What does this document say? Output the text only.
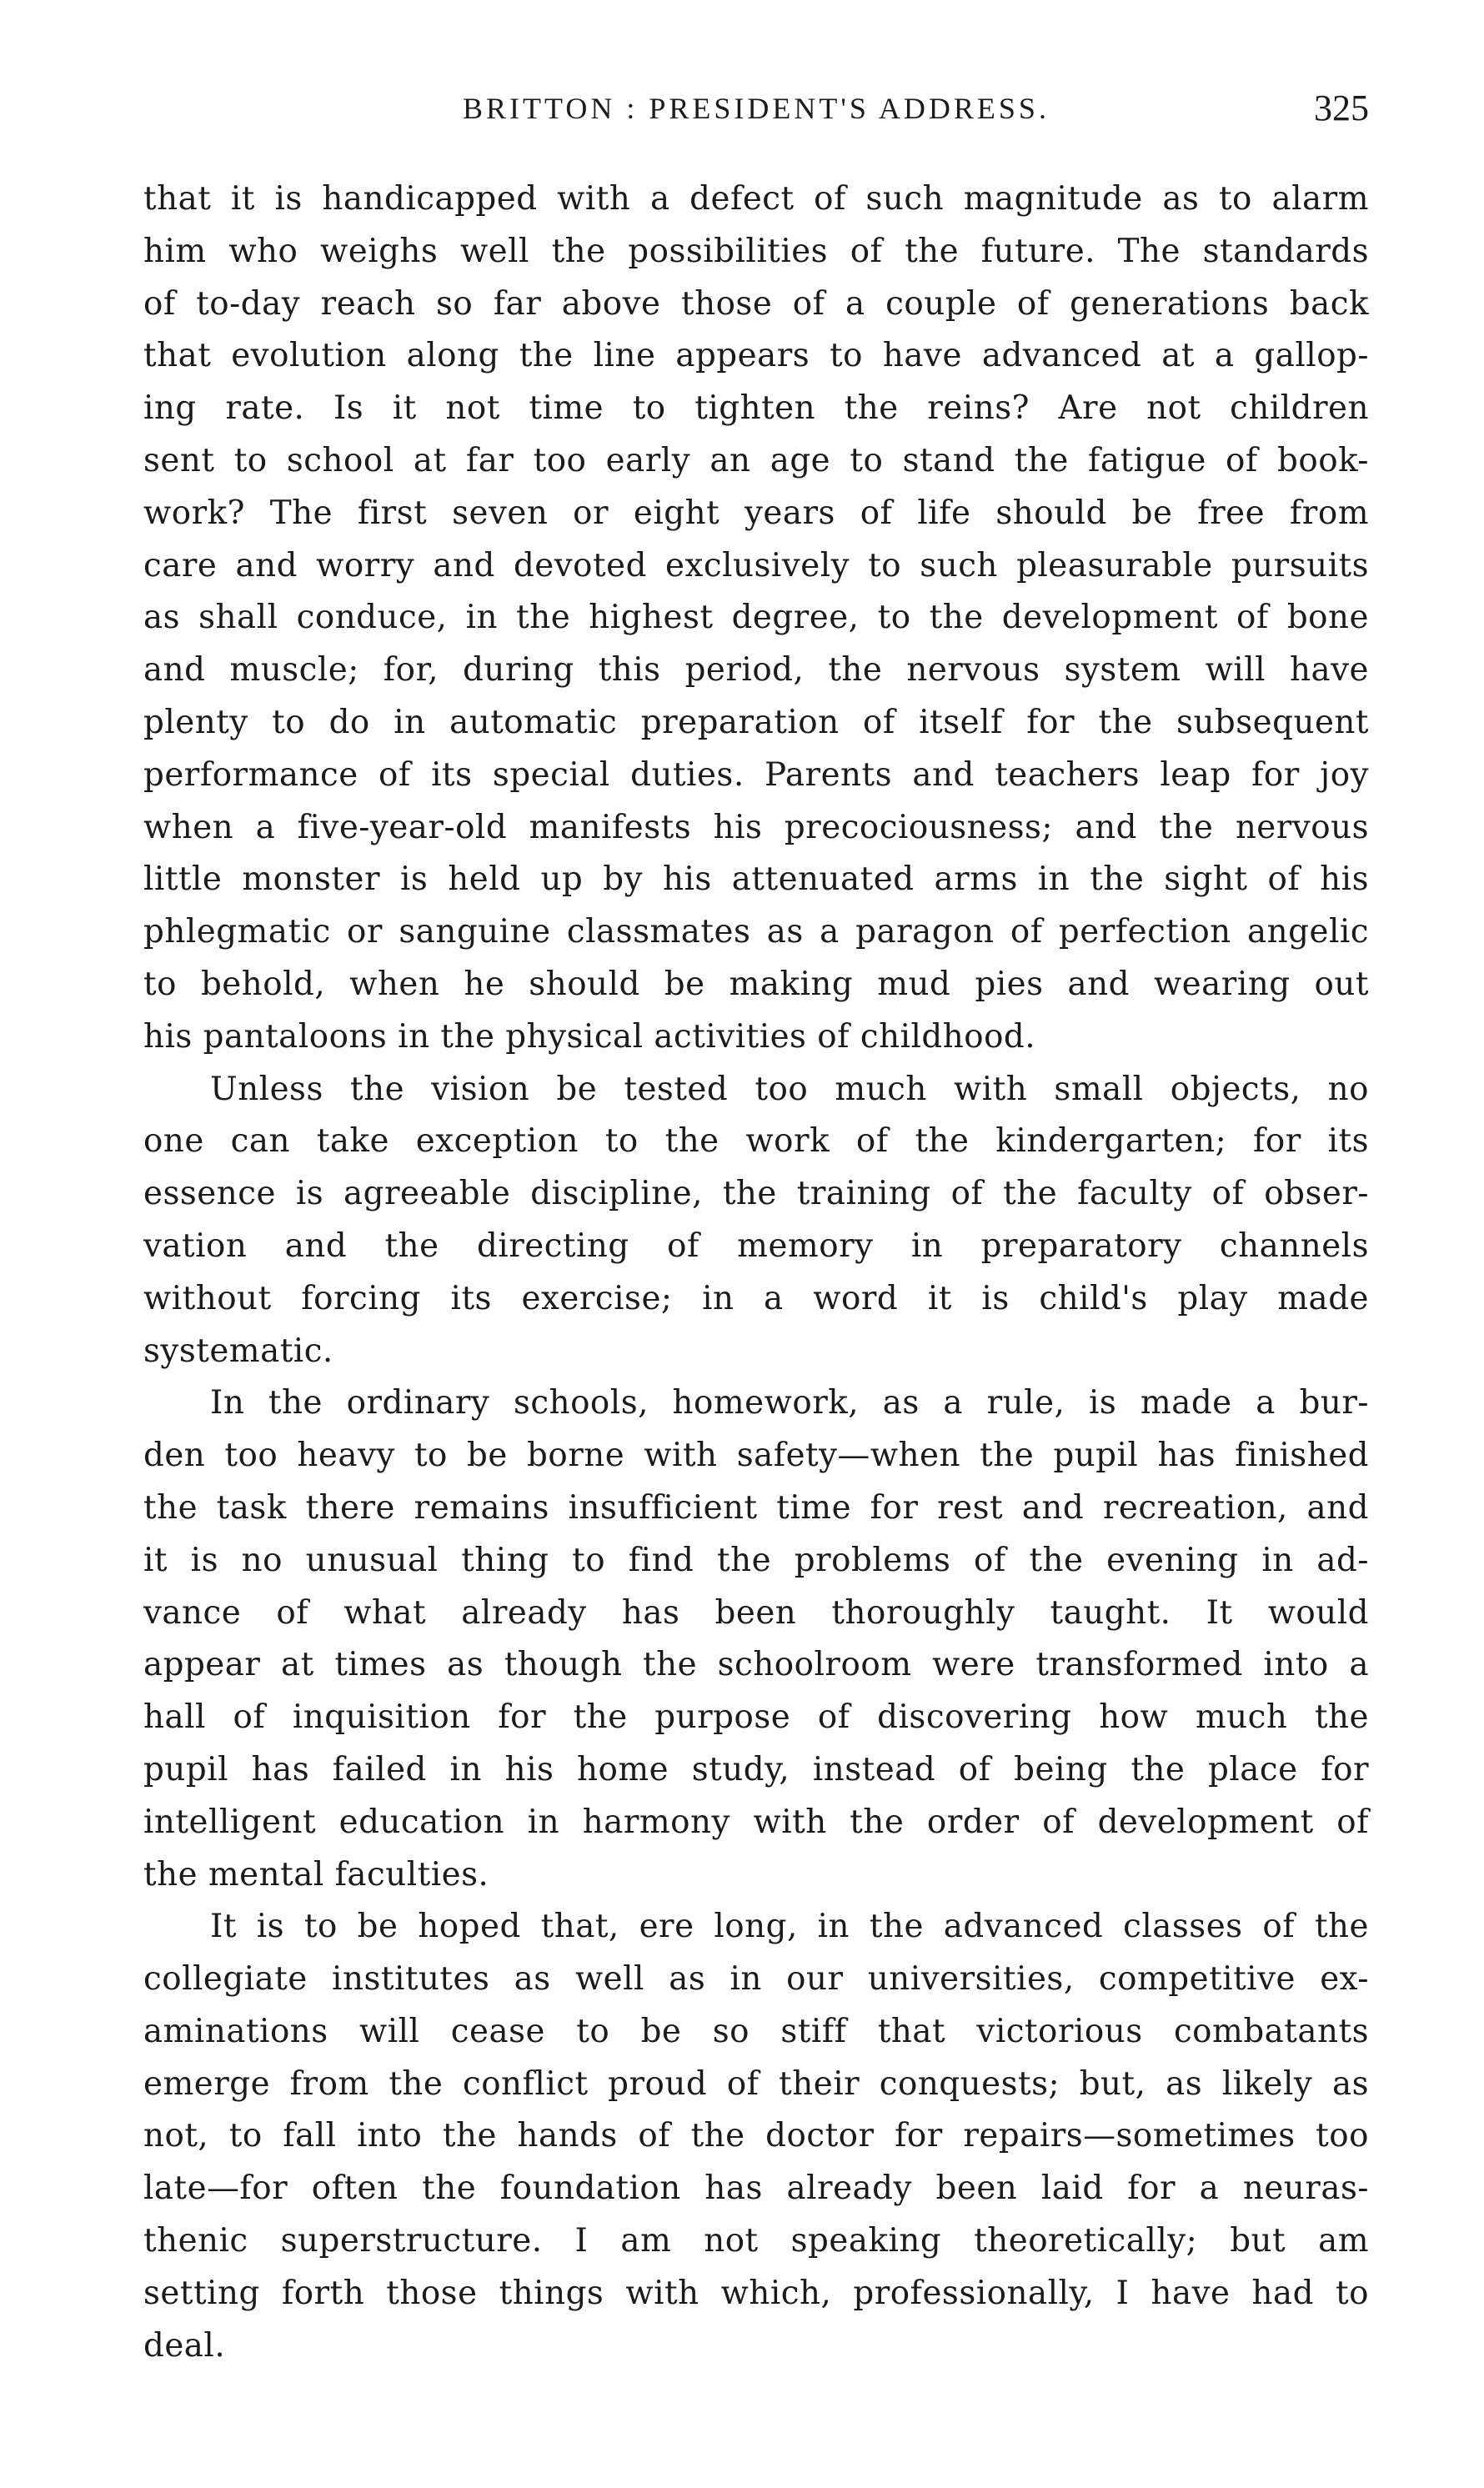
BRITTON : PRESIDENT'S ADDRESS.	325
that it is handicapped with a defect of such magnitude as to alarm
him who weighs well the possibilities of the future. The standards
of to-day reach so far above those of a couple of generations back
that evolution along the line appears to have advanced at a gallop-
ing rate. Is it not time to tighten the reins? Are not children
sent to school at far too early an age to stand the fatigue of book-
work? The first seven or eight years of life should be free from
care and worry and devoted exclusively to such pleasurable pursuits
as shall conduce, in the highest degree, to the development of bone
and muscle; for, during this period, the nervous system will have
plenty to do in automatic preparation of itself for the subsequent
performance of its special duties. Parents and teachers leap for joy
when a five-year-old manifests his precociousness; and the nervous
little monster is held up by his attenuated arms in the sight of his
phlegmatic or sanguine classmates as a paragon of perfection angelic
to behold, when he should be making mud pies and wearing out
his pantaloons in the physical activities of childhood.
Unless the vision be tested too much with small objects, no
one can take exception to the work of the kindergarten; for its
essence is agreeable discipline, the training of the faculty of obser-
vation and the directing of memory in preparatory channels
without forcing its exercise; in a word it is child's play made
systematic.
In the ordinary schools, homework, as a rule, is made a bur-
den too heavy to be borne with safety—when the pupil has finished
the task there remains insufficient time for rest and recreation, and
it is no unusual thing to find the problems of the evening in ad-
vance of what already has been thoroughly taught. It would
appear at times as though the schoolroom were transformed into a
hall of inquisition for the purpose of discovering how much the
pupil has failed in his home study, instead of being the place for
intelligent education in harmony with the order of development of
the mental faculties.
It is to be hoped that, ere long, in the advanced classes of the
collegiate institutes as well as in our universities, competitive ex-
aminations will cease to be so stiff that victorious combatants
emerge from the conflict proud of their conquests; but, as likely as
not, to fall into the hands of the doctor for repairs—sometimes too
late—for often the foundation has already been laid for a neuras-
thenic superstructure. I am not speaking theoretically; but am
setting forth those things with which, professionally, I have had to
deal.
